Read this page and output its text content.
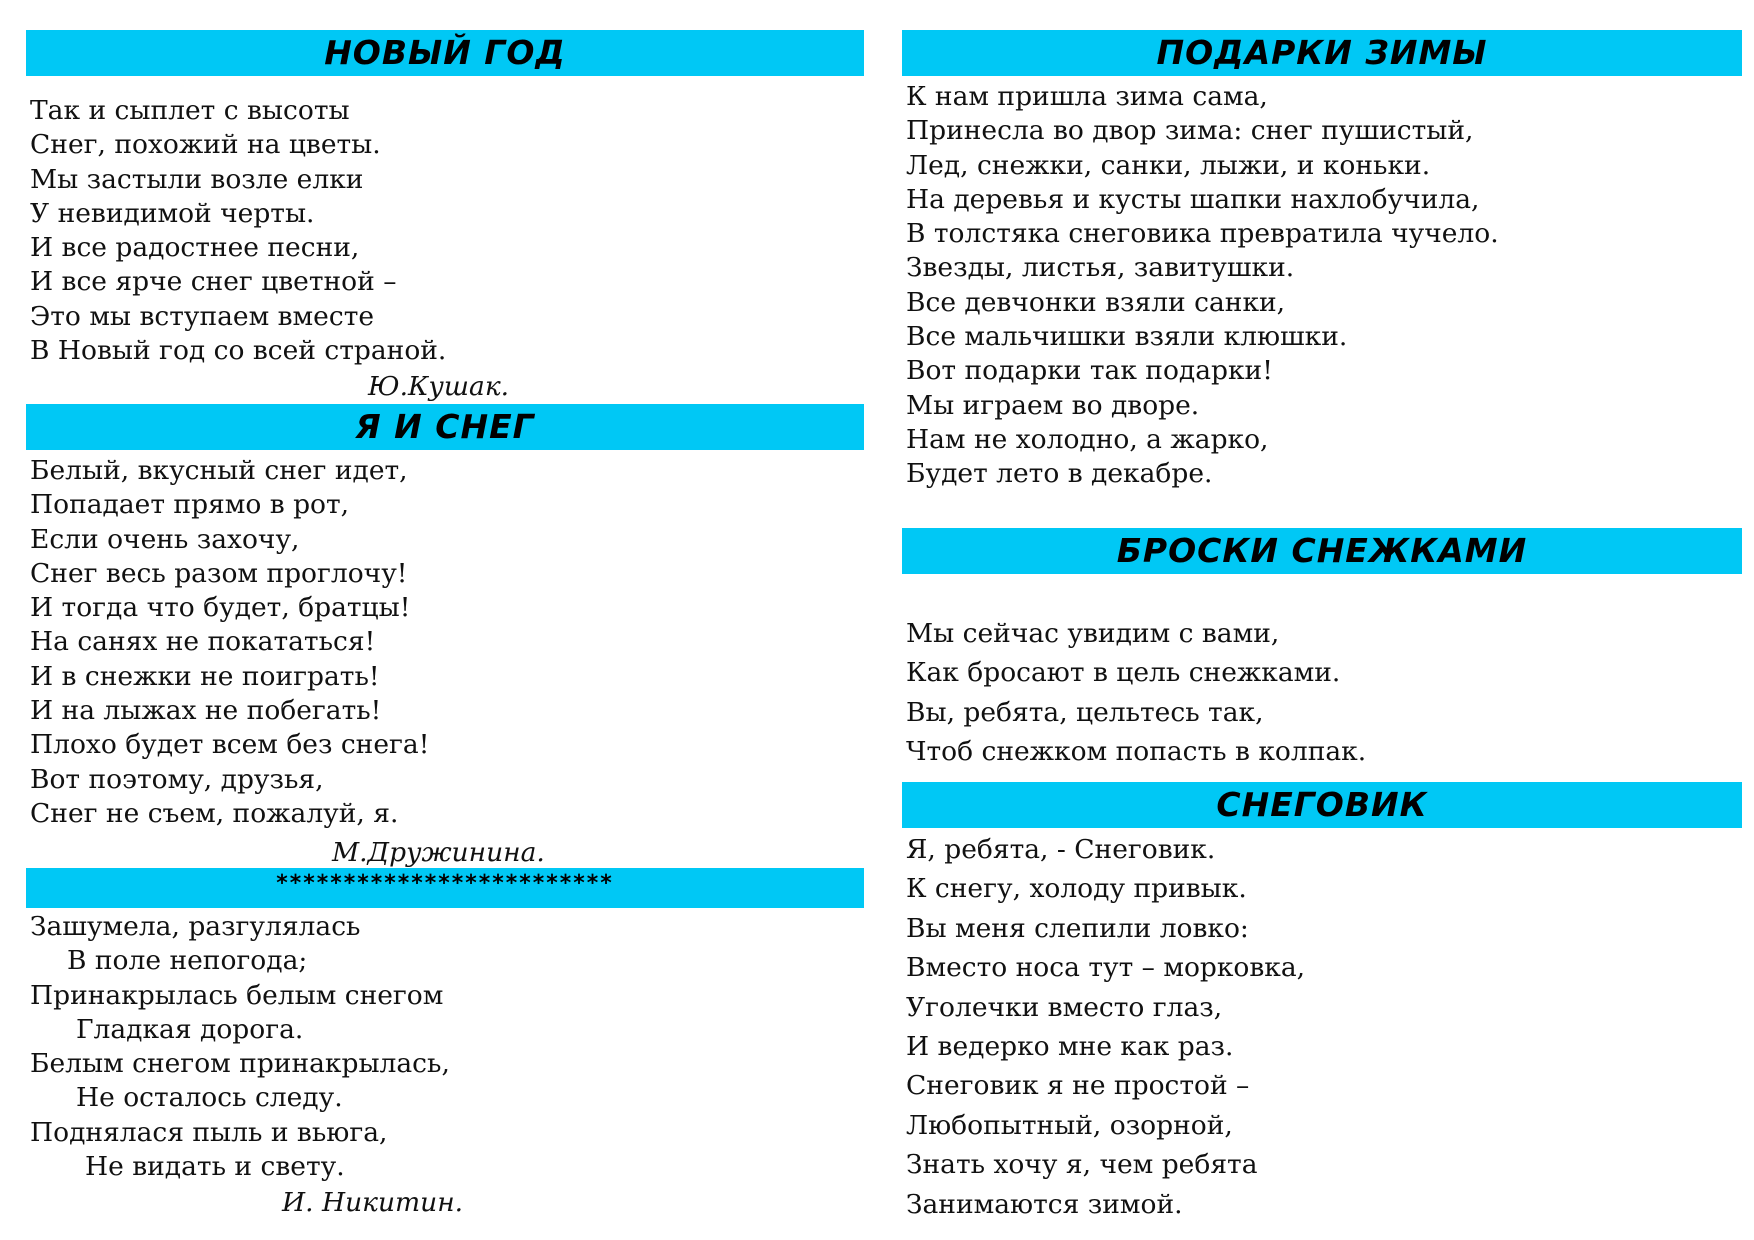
НОВЫЙ ГОД
Так и сыплет с высоты
Снег, похожий на цветы.
Мы застыли возле елки
У невидимой черты.
И все радостнее песни,
И все ярче снег цветной –
Это мы вступаем вместе
В Новый год со всей страной.
Ю.Кушак.
Я И СНЕГ
Белый, вкусный снег идет,
Попадает прямо в рот,
Если очень захочу,
Снег весь разом проглочу!
И тогда что будет, братцы!
На санях не покататься!
И в снежки не поиграть!
И на лыжах не побегать!
Плохо будет всем без снега!
Вот поэтому, друзья,
Снег не съем, пожалуй, я.
М.Дружинина.
*************************
Зашумела, разгулялась
В поле непогода;
Принакрылась белым снегом
Гладкая дорога.
Белым снегом принакрылась,
Не осталось следу.
Поднялася пыль и вьюга,
Не видать и свету.
И. Никитин.
ПОДАРКИ ЗИМЫ
К нам пришла зима сама,
Принесла во двор зима: снег пушистый,
Лед, снежки, санки, лыжи, и коньки.
На деревья и кусты шапки нахлобучила,
В толстяка снеговика превратила чучело.
Звезды, листья, завитушки.
Все девчонки взяли санки,
Все мальчишки взяли клюшки.
Вот подарки так подарки!
Мы играем во дворе.
Нам не холодно, а жарко,
Будет лето в декабре.
БРОСКИ СНЕЖКАМИ
Мы сейчас увидим с вами,
Как бросают в цель снежками.
Вы, ребята, цельтесь так,
Чтоб снежком попасть в колпак.
СНЕГОВИК
Я, ребята, - Снеговик.
К снегу, холоду привык.
Вы меня слепили ловко:
Вместо носа тут – морковка,
Уголечки вместо глаз,
И ведерко мне как раз.
Снеговик я не простой –
Любопытный, озорной,
Знать хочу я, чем ребята
Занимаются зимой.
